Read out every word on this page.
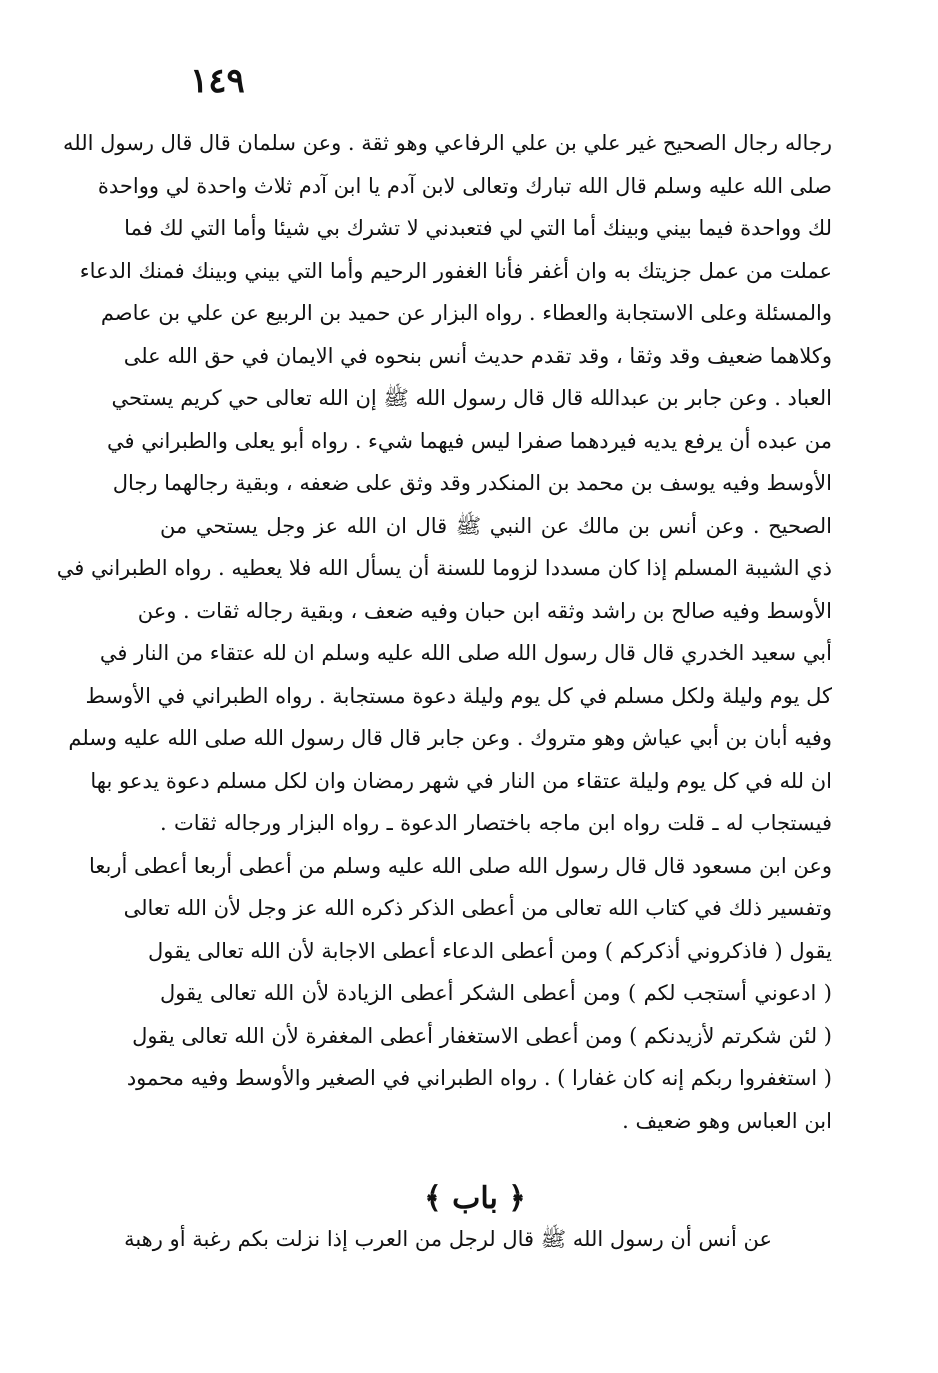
١٤٩
رجاله رجال الصحيح غير علي بن علي الرفاعي وهو ثقة . وعن سلمان قال قال رسول الله
صلى الله عليه وسلم قال الله تبارك وتعالى لابن آدم يا ابن آدم ثلاث واحدة لي وواحدة
لك وواحدة فيما بيني وبينك أما التي لي فتعبدني لا تشرك بي شيئا وأما التي لك فما
عملت من عمل جزيتك به وان أغفر فأنا الغفور الرحيم وأما التي بيني وبينك فمنك الدعاء
والمسئلة وعلى الاستجابة والعطاء . رواه البزار عن حميد بن الربيع عن علي بن عاصم
وكلاهما ضعيف وقد وثقا ، وقد تقدم حديث أنس بنحوه في الايمان في حق الله على
العباد . وعن جابر بن عبدالله قال قال رسول الله ﷺ إن الله تعالى حي كريم يستحي
من عبده أن يرفع يديه فيردهما صفرا ليس فيهما شيء . رواه أبو يعلى والطبراني في
الأوسط وفيه يوسف بن محمد بن المنكدر وقد وثق على ضعفه ، وبقية رجالهما رجال
الصحيح . وعن أنس بن مالك عن النبي ﷺ قال ان الله عز وجل يستحي من
ذي الشيبة المسلم إذا كان مسددا لزوما للسنة أن يسأل الله فلا يعطيه . رواه الطبراني في
الأوسط وفيه صالح بن راشد وثقه ابن حبان وفيه ضعف ، وبقية رجاله ثقات . وعن
أبي سعيد الخدري قال قال رسول الله صلى الله عليه وسلم ان لله عتقاء من النار في
كل يوم وليلة ولكل مسلم في كل يوم وليلة دعوة مستجابة . رواه الطبراني في الأوسط
وفيه أبان بن أبي عياش وهو متروك . وعن جابر قال قال رسول الله صلى الله عليه وسلم
ان لله في كل يوم وليلة عتقاء من النار في شهر رمضان وان لكل مسلم دعوة يدعو بها
فيستجاب له ـ قلت رواه ابن ماجه باختصار الدعوة ـ رواه البزار ورجاله ثقات .
وعن ابن مسعود قال قال رسول الله صلى الله عليه وسلم من أعطى أربعا أعطى أربعا
وتفسير ذلك في كتاب الله تعالى من أعطى الذكر ذكره الله عز وجل لأن الله تعالى
يقول ( فاذكروني أذكركم ) ومن أعطى الدعاء أعطى الاجابة لأن الله تعالى يقول
( ادعوني أستجب لكم ) ومن أعطى الشكر أعطى الزيادة لأن الله تعالى يقول
( لئن شكرتم لأزيدنكم ) ومن أعطى الاستغفار أعطى المغفرة لأن الله تعالى يقول
( استغفروا ربكم إنه كان غفارا ) . رواه الطبراني في الصغير والأوسط وفيه محمود
ابن العباس وهو ضعيف .
﴿ باب ﴾
عن أنس أن رسول الله ﷺ قال لرجل من العرب إذا نزلت بكم رغبة أو رهبة
